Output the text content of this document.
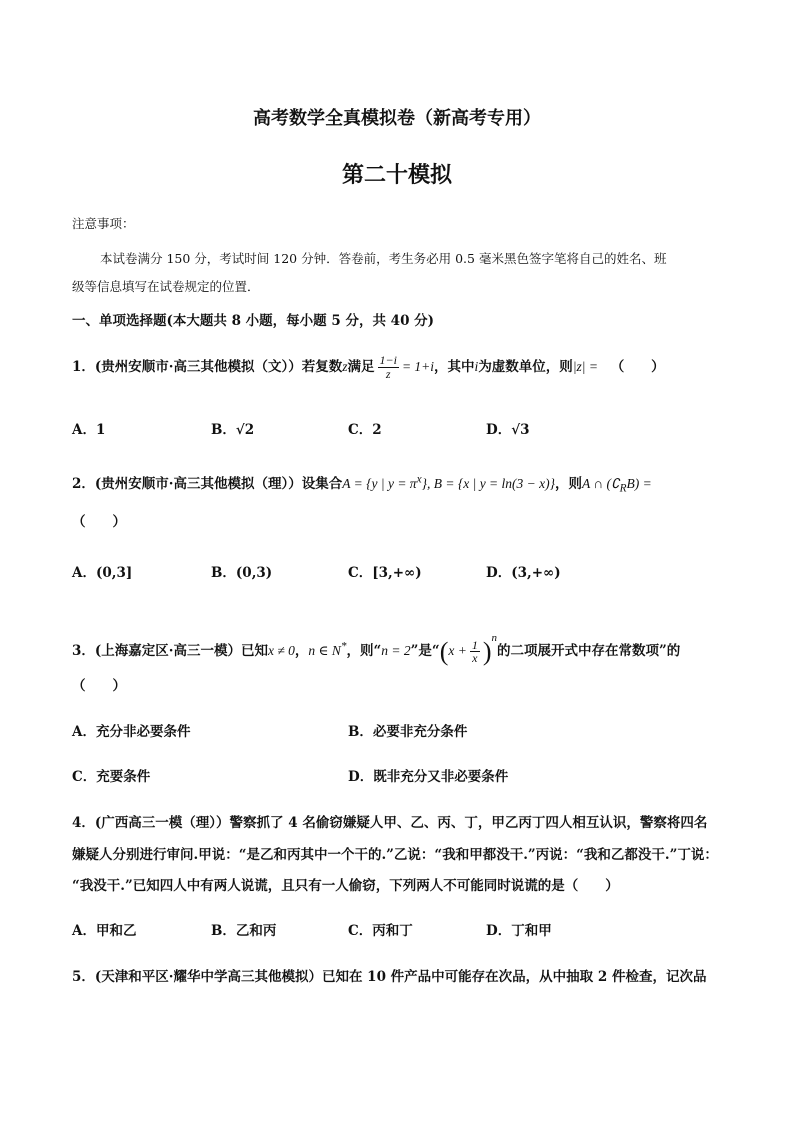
高考数学全真模拟卷（新高考专用）
第二十模拟
注意事项：
本试卷满分 150 分，考试时间 120 分钟．答卷前，考生务必用 0.5 毫米黑色签字笔将自己的姓名、班
级等信息填写在试卷规定的位置．
一、单项选择题(本大题共 8 小题，每小题 5 分，共 40 分)
1．(贵州安顺市·高三其他模拟（文））若复数z满足 $\frac{1-i}{z} = 1+i$，其中i为虚数单位，则|z| = （　　）
A．1	B．√2	C．2	D．√3
2．(贵州安顺市·高三其他模拟（理））设集合A = {y | $y = \pi^x$}, B = {x | y = ln(3 − x)}，则A ∩ $(∁_RB)$ =
（　　）
A．(0,3]	B．(0,3)	C．[3,+∞)	D．(3,+∞)
3．(上海嘉定区·高三一模）已知x ≠ 0，n ∈ N*，则“n = 2”是“$(x + \frac{1}{x} )^n$的二项展开式中存在常数项”的
（　　）
A．充分非必要条件	B．必要非充分条件
C．充要条件	D．既非充分又非必要条件
4．(广西高三一模（理））警察抓了 4 名偷窃嫌疑人甲、乙、丙、丁，甲乙丙丁四人相互认识，警察将四名
嫌疑人分别进行审问.甲说：“是乙和丙其中一个干的.”乙说：“我和甲都没干.”丙说：“我和乙都没干.”丁说：
“我没干.”已知四人中有两人说谎，且只有一人偷窃，下列两人不可能同时说谎的是（　　）
A．甲和乙	B．乙和丙	C．丙和丁	D．丁和甲
5．(天津和平区·耀华中学高三其他模拟）已知在 10 件产品中可能存在次品，从中抽取 2 件检查，记次品
